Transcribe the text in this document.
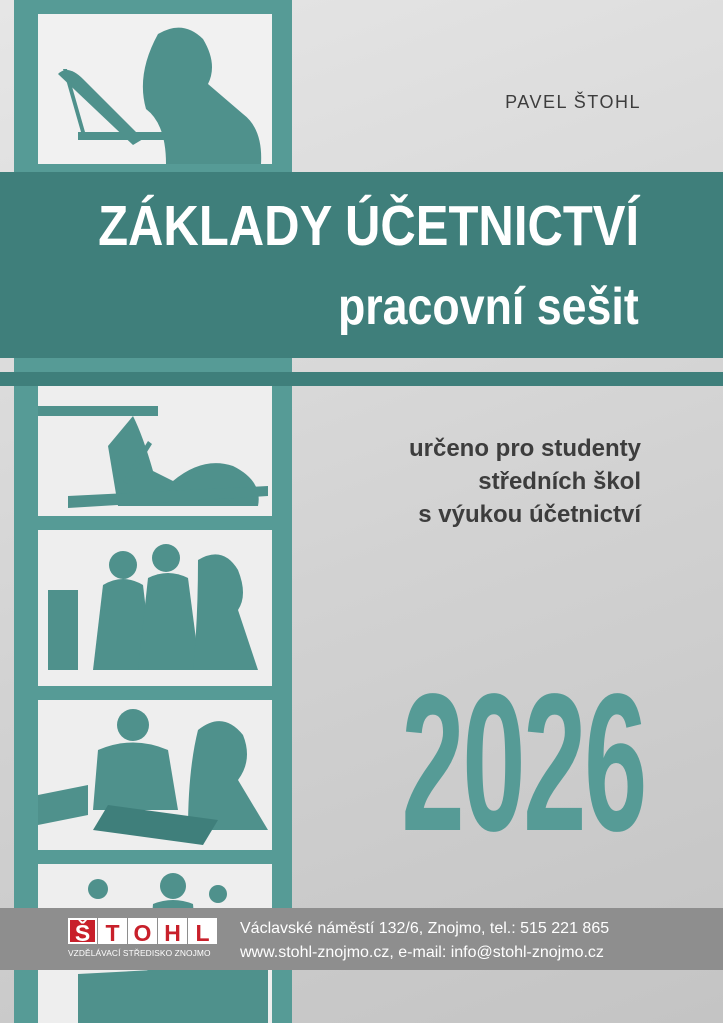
PAVEL ŠTOHL
ZÁKLADY ÚČETNICTVÍ
pracovní sešit
určeno pro studenty
středních škol
s výukou účetnictví
2026
Š T O H L
VZDĚLÁVACÍ STŘEDISKO ZNOJMO
Václavské náměstí 132/6, Znojmo, tel.: 515 221 865
www.stohl-znojmo.cz, e-mail: info@stohl-znojmo.cz
